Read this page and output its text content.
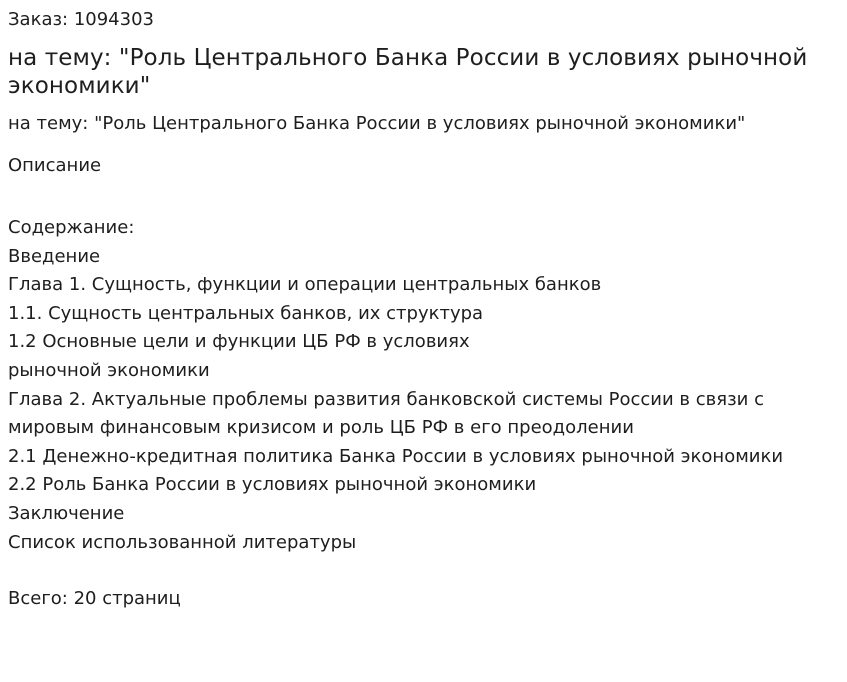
Заказ: 1094303

на тему: "Роль Центрального Банка России в условиях рыночной экономики"

на тему: "Роль Центрального Банка России в условиях рыночной экономики"

Описание

Содержание:

Введение

Глава 1. Сущность, функции и операции центральных банков

1.1. Сущность центральных банков, их структура

1.2 Основные цели и функции ЦБ РФ в условиях

рыночной экономики

Глава 2. Актуальные проблемы развития банковской системы России в связи с

мировым финансовым кризисом и роль ЦБ РФ в его преодолении

2.1 Денежно-кредитная политика Банка России в условиях рыночной экономики

2.2 Роль Банка России в условиях рыночной экономики

Заключение

Список использованной литературы

Всего: 20 страниц
